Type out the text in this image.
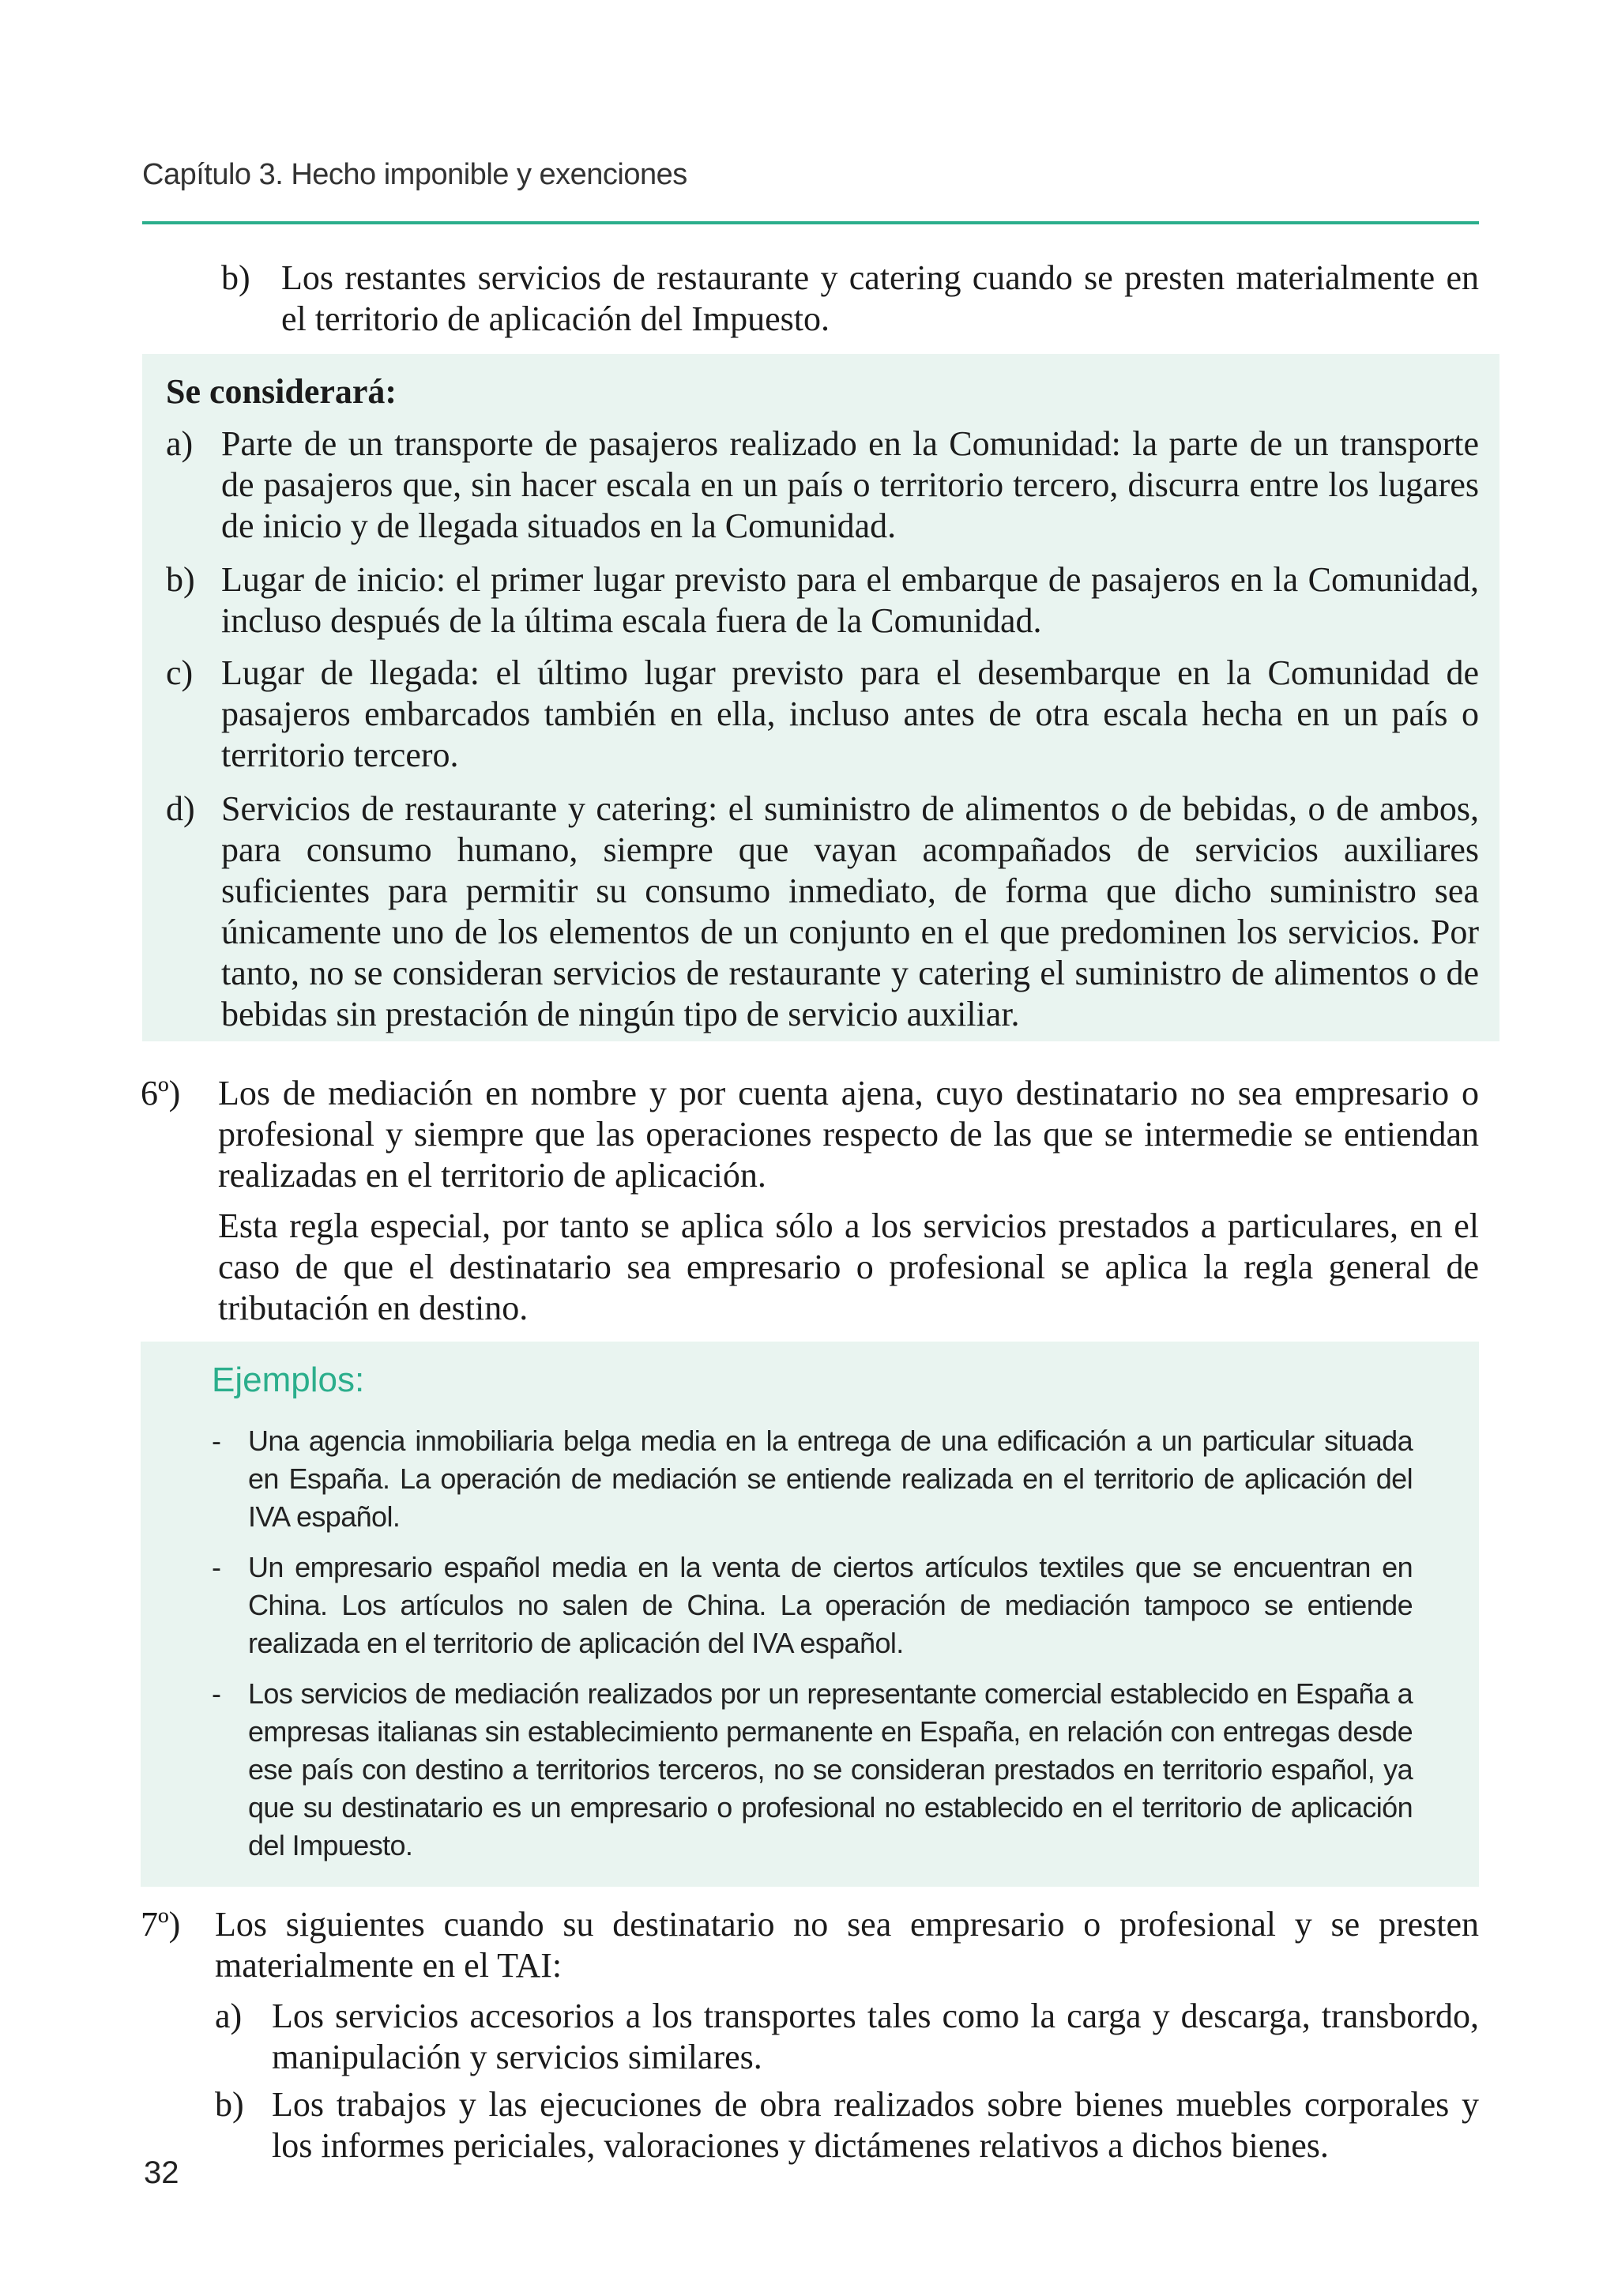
Capítulo 3. Hecho imponible y exenciones
b) Los restantes servicios de restaurante y catering cuando se presten materialmente en el territorio de aplicación del Impuesto.

Se considerará:
a) Parte de un transporte de pasajeros realizado en la Comunidad: la parte de un transporte de pasajeros que, sin hacer escala en un país o territorio tercero, discurra entre los lugares de inicio y de llegada situados en la Comunidad.

b) Lugar de inicio: el primer lugar previsto para el embarque de pasajeros en la Comunidad, incluso después de la última escala fuera de la Comunidad.

c) Lugar de llegada: el último lugar previsto para el desembarque en la Comunidad de pasajeros embarcados también en ella, incluso antes de otra escala hecha en un país o territorio tercero.

d) Servicios de restaurante y catering: el suministro de alimentos o de bebidas, o de ambos, para consumo humano, siempre que vayan acompañados de servicios auxiliares suficientes para permitir su consumo inmediato, de forma que dicho suministro sea únicamente uno de los elementos de un conjunto en el que predominen los servicios. Por tanto, no se consideran servicios de restaurante y catering el suministro de alimentos o de bebidas sin prestación de ningún tipo de servicio auxiliar.

6º) Los de mediación en nombre y por cuenta ajena, cuyo destinatario no sea empresario o profesional y siempre que las operaciones respecto de las que se intermedie se entiendan realizadas en el territorio de aplicación.

Esta regla especial, por tanto se aplica sólo a los servicios prestados a particulares, en el caso de que el destinatario sea empresario o profesional se aplica la regla general de tributación en destino.

Ejemplos:
- Una agencia inmobiliaria belga media en la entrega de una edificación a un particular situada en España. La operación de mediación se entiende realizada en el territorio de aplicación del IVA español.

- Un empresario español media en la venta de ciertos artículos textiles que se encuentran en China. Los artículos no salen de China. La operación de mediación tampoco se entiende realizada en el territorio de aplicación del IVA español.

- Los servicios de mediación realizados por un representante comercial establecido en España a empresas italianas sin establecimiento permanente en España, en relación con entregas desde ese país con destino a territorios terceros, no se consideran prestados en territorio español, ya que su destinatario es un empresario o profesional no establecido en el territorio de aplicación del Impuesto.

7º) Los siguientes cuando su destinatario no sea empresario o profesional y se presten materialmente en el TAI:

a) Los servicios accesorios a los transportes tales como la carga y descarga, transbordo, manipulación y servicios similares.

b) Los trabajos y las ejecuciones de obra realizados sobre bienes muebles corporales y los informes periciales, valoraciones y dictámenes relativos a dichos bienes.

32
